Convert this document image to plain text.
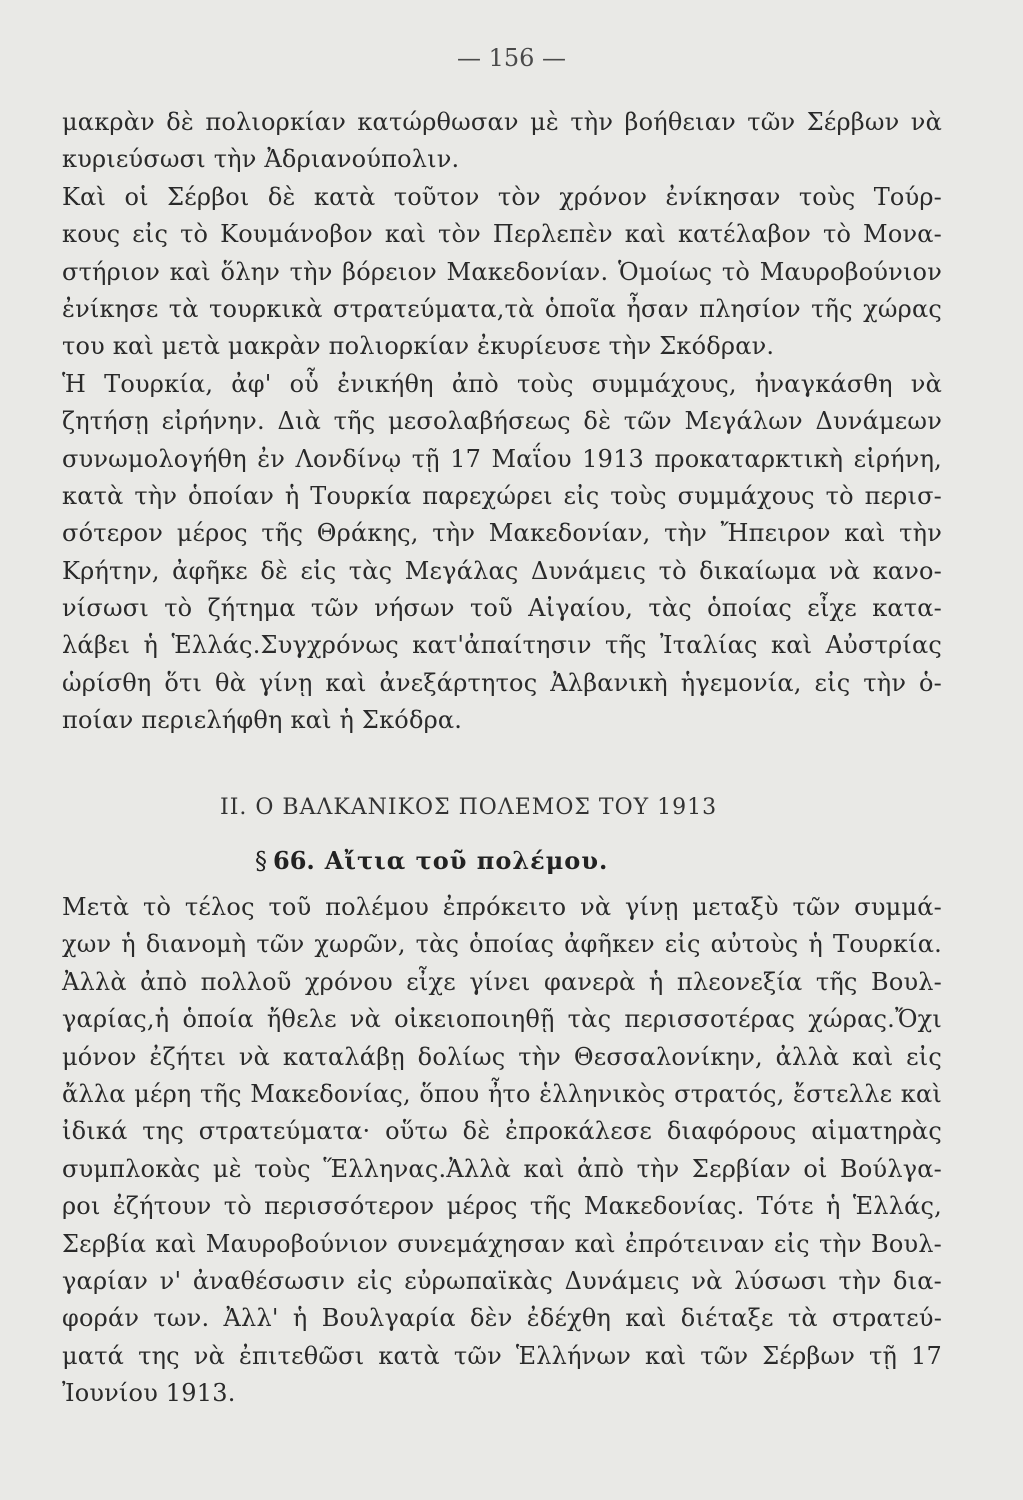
— 156 —
μακρὰν δὲ πολιορκίαν κατώρθωσαν μὲ τὴν βοήθειαν τῶν Σέρβων νὰ
κυριεύσωσι τὴν Ἀδριανούπολιν.
Καὶ οἱ Σέρβοι δὲ κατὰ τοῦτον τὸν χρόνον ἐνίκησαν τοὺς Τούρ-
κους εἰς τὸ Κουμάνοβον καὶ τὸν Περλεπὲν καὶ κατέλαβον τὸ Μονα-
στήριον καὶ ὅλην τὴν βόρειον Μακεδονίαν. Ὁμοίως τὸ Μαυροβούνιον
ἐνίκησε τὰ τουρκικὰ στρατεύματα,τὰ ὁποῖα ἦσαν πλησίον τῆς χώρας
του καὶ μετὰ μακρὰν πολιορκίαν ἐκυρίευσε τὴν Σκόδραν.
Ἡ Τουρκία, ἀφ' οὗ ἐνικήθη ἀπὸ τοὺς συμμάχους, ἠναγκάσθη νὰ
ζητήσῃ εἰρήνην. Διὰ τῆς μεσολαβήσεως δὲ τῶν Μεγάλων Δυνάμεων
συνωμολογήθη ἐν Λονδίνῳ τῇ 17 Μαΐου 1913 προκαταρκτικὴ εἰρήνη,
κατὰ τὴν ὁποίαν ἡ Τουρκία παρεχώρει εἰς τοὺς συμμάχους τὸ περισ-
σότερον μέρος τῆς Θράκης, τὴν Μακεδονίαν, τὴν Ἤπειρον καὶ τὴν
Κρήτην, ἀφῆκε δὲ εἰς τὰς Μεγάλας Δυνάμεις τὸ δικαίωμα νὰ κανο-
νίσωσι τὸ ζήτημα τῶν νήσων τοῦ Αἰγαίου, τὰς ὁποίας εἶχε κατα-
λάβει ἡ Ἑλλάς.Συγχρόνως κατ'ἀπαίτησιν τῆς Ἰταλίας καὶ Αὐστρίας
ὡρίσθη ὅτι θὰ γίνῃ καὶ ἀνεξάρτητος Ἀλβανικὴ ἡγεμονία, εἰς τὴν ὁ-
ποίαν περιελήφθη καὶ ἡ Σκόδρα.
II. Ο ΒΑΛΚΑΝΙΚΟΣ ΠΟΛΕΜΟΣ ΤΟΥ 1913
§ 66. Αἴτια τοῦ πολέμου.
Μετὰ τὸ τέλος τοῦ πολέμου ἐπρόκειτο νὰ γίνῃ μεταξὺ τῶν συμμά-
χων ἡ διανομὴ τῶν χωρῶν, τὰς ὁποίας ἀφῆκεν εἰς αὐτοὺς ἡ Τουρκία.
Ἀλλὰ ἀπὸ πολλοῦ χρόνου εἶχε γίνει φανερὰ ἡ πλεονεξία τῆς Βουλ-
γαρίας,ἡ ὁποία ἤθελε νὰ οἰκειοποιηθῇ τὰς περισσοτέρας χώρας.Ὄχι
μόνον ἐζήτει νὰ καταλάβῃ δολίως τὴν Θεσσαλονίκην, ἀλλὰ καὶ εἰς
ἄλλα μέρη τῆς Μακεδονίας, ὅπου ἦτο ἑλληνικὸς στρατός, ἔστελλε καὶ
ἰδικά της στρατεύματα· οὕτω δὲ ἐπροκάλεσε διαφόρους αἱματηρὰς
συμπλοκὰς μὲ τοὺς Ἕλληνας.Ἀλλὰ καὶ ἀπὸ τὴν Σερβίαν οἱ Βούλγα-
ροι ἐζήτουν τὸ περισσότερον μέρος τῆς Μακεδονίας. Τότε ἡ Ἑλλάς,
Σερβία καὶ Μαυροβούνιον συνεμάχησαν καὶ ἐπρότειναν εἰς τὴν Βουλ-
γαρίαν ν' ἀναθέσωσιν εἰς εὐρωπαϊκὰς Δυνάμεις νὰ λύσωσι τὴν δια-
φοράν των. Ἀλλ' ἡ Βουλγαρία δὲν ἐδέχθη καὶ διέταξε τὰ στρατεύ-
ματά της νὰ ἐπιτεθῶσι κατὰ τῶν Ἑλλήνων καὶ τῶν Σέρβων τῇ 17
Ἰουνίου 1913.
